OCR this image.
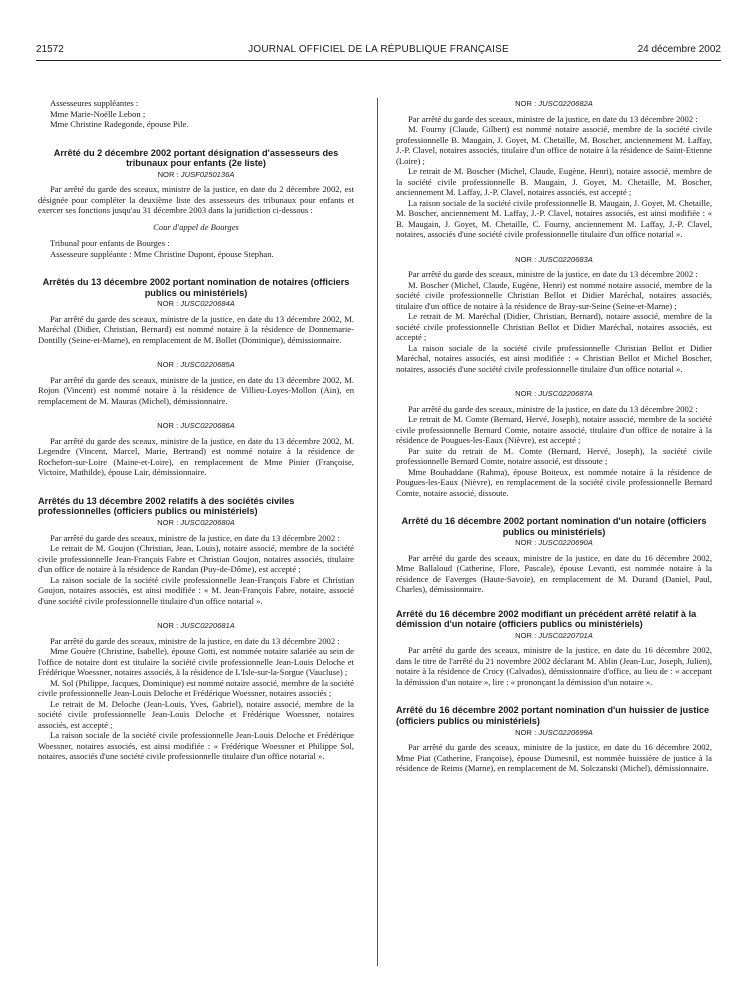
21572	JOURNAL OFFICIEL DE LA RÉPUBLIQUE FRANÇAISE	24 décembre 2002

Assesseures suppléantes :

Mme Marie-Noëlle Lebon ;

Mme Christine Radegonde, épouse Pile.

Arrêté du 2 décembre 2002 portant désignation d'assesseurs des tribunaux pour enfants (2e liste)

NOR : JUSF0250136A

Par arrêté du garde des sceaux, ministre de la justice, en date du 2 décembre 2002, est désignée pour compléter la deuxième liste des assesseurs des tribunaux pour enfants et exercer ses fonctions jusqu'au 31 décembre 2003 dans la juridiction ci-dessous :

Cour d'appel de Bourges

Tribunal pour enfants de Bourges :

Assesseure suppléante : Mme Christine Dupont, épouse Stephan.

Arrêtés du 13 décembre 2002 portant nomination de notaires (officiers publics ou ministériels)

NOR : JUSC0220684A

Par arrêté du garde des sceaux, ministre de la justice, en date du 13 décembre 2002, M. Maréchal (Didier, Christian, Bernard) est nommé notaire à la résidence de Donnemarie-Dontilly (Seine-et-Marne), en remplacement de M. Bollet (Dominique), démissionnaire.

NOR : JUSC0220685A

Par arrêté du garde des sceaux, ministre de la justice, en date du 13 décembre 2002, M. Rojon (Vincent) est nommé notaire à la résidence de Villieu-Loyes-Mollon (Ain), en remplacement de M. Mauras (Michel), démissionnaire.

NOR : JUSC0220686A

Par arrêté du garde des sceaux, ministre de la justice, en date du 13 décembre 2002, M. Legendre (Vincent, Marcel, Marie, Bertrand) est nommé notaire à la résidence de Rochefort-sur-Loire (Maine-et-Loire), en remplacement de Mme Pinier (Françoise, Victoire, Mathilde), épouse Lair, démissionnaire.

Arrêtés du 13 décembre 2002 relatifs à des sociétés civiles professionnelles (officiers publics ou ministériels)

NOR : JUSC0220680A

Par arrêté du garde des sceaux, ministre de la justice, en date du 13 décembre 2002 :

Le retrait de M. Goujon (Christian, Jean, Louis), notaire associé, membre de la société civile professionnelle Jean-François Fabre et Christian Goujon, notaires associés, titulaire d'un office de notaire à la résidence de Randan (Puy-de-Dôme), est accepté ;

La raison sociale de la société civile professionnelle Jean-François Fabre et Christian Goujon, notaires associés, est ainsi modifiée : « M. Jean-François Fabre, notaire, associé d'une société civile professionnelle titulaire d'un office notarial ».

NOR : JUSC0220681A

Par arrêté du garde des sceaux, ministre de la justice, en date du 13 décembre 2002 :

Mme Gouère (Christine, Isabelle), épouse Gotti, est nommée notaire salariée au sein de l'office de notaire dont est titulaire la société civile professionnelle Jean-Louis Deloche et Frédérique Woessner, notaires associés, à la résidence de L'Isle-sur-la-Sorgue (Vaucluse) ;

M. Sol (Philippe, Jacques, Dominique) est nommé notaire associé, membre de la société civile professionnelle Jean-Louis Deloche et Frédérique Woessner, notaires associés ;

Le retrait de M. Deloche (Jean-Louis, Yves, Gabriel), notaire associé, membre de la société civile professionnelle Jean-Louis Deloche et Frédérique Woessner, notaires associés, est accepté ;

La raison sociale de la société civile professionnelle Jean-Louis Deloche et Frédérique Woessner, notaires associés, est ainsi modifiée : « Frédérique Woessner et Philippe Sol, notaires, associés d'une société civile professionnelle titulaire d'un office notarial ».

NOR : JUSC0220682A

Par arrêté du garde des sceaux, ministre de la justice, en date du 13 décembre 2002 :

M. Fourny (Claude, Gilbert) est nommé notaire associé, membre de la société civile professionnelle B. Maugain, J. Goyet, M. Chetaille, M. Boscher, anciennement M. Laffay, J.-P. Clavel, notaires associés, titulaire d'un office de notaire à la résidence de Saint-Etienne (Loire) ;

Le retrait de M. Boscher (Michel, Claude, Eugène, Henri), notaire associé, membre de la société civile professionnelle B. Maugain, J. Goyet, M. Chetaille, M. Boscher, anciennement M. Laffay, J.-P. Clavel, notaires associés, est accepté ;

La raison sociale de la société civile professionnelle B. Maugain, J. Goyet, M. Chetaille, M. Boscher, anciennement M. Laffay, J.-P. Clavel, notaires associés, est ainsi modifiée : « B. Maugain, J. Goyet, M. Chetaille, C. Fourny, anciennement M. Laffay, J.-P. Clavel, notaires, associés d'une société civile professionnelle titulaire d'un office notarial ».

NOR : JUSC0220683A

Par arrêté du garde des sceaux, ministre de la justice, en date du 13 décembre 2002 :

M. Boscher (Michel, Claude, Eugène, Henri) est nommé notaire associé, membre de la société civile professionnelle Christian Bellot et Didier Maréchal, notaires associés, titulaire d'un office de notaire à la résidence de Bray-sur-Seine (Seine-et-Marne) ;

Le retrait de M. Maréchal (Didier, Christian, Bernard), notaire associé, membre de la société civile professionnelle Christian Bellot et Didier Maréchal, notaires associés, est accepté ;

La raison sociale de la société civile professionnelle Christian Bellot et Didier Maréchal, notaires associés, est ainsi modifiée : « Christian Bellot et Michel Boscher, notaires, associés d'une société civile professionnelle titulaire d'un office notarial ».

NOR : JUSC0220687A

Par arrêté du garde des sceaux, ministre de la justice, en date du 13 décembre 2002 :

Le retrait de M. Comte (Bernard, Hervé, Joseph), notaire associé, membre de la société civile professionnelle Bernard Comte, notaire associé, titulaire d'un office de notaire à la résidence de Pougues-les-Eaux (Nièvre), est accepté ;

Par suite du retrait de M. Comte (Bernard, Hervé, Joseph), la société civile professionnelle Bernard Comte, notaire associé, est dissoute ;

Mme Bouhaddane (Rahma), épouse Boiteux, est nommée notaire à la résidence de Pougues-les-Eaux (Nièvre), en remplacement de la société civile professionnelle Bernard Comte, notaire associé, dissoute.

Arrêté du 16 décembre 2002 portant nomination d'un notaire (officiers publics ou ministériels)

NOR : JUSC0220690A

Par arrêté du garde des sceaux, ministre de la justice, en date du 16 décembre 2002, Mme Ballaloud (Catherine, Flore, Pascale), épouse Levanti, est nommée notaire à la résidence de Faverges (Haute-Savoie), en remplacement de M. Durand (Daniel, Paul, Charles), démissionnaire.

Arrêté du 16 décembre 2002 modifiant un précédent arrêté relatif à la démission d'un notaire (officiers publics ou ministériels)

NOR : JUSC0220701A

Par arrêté du garde des sceaux, ministre de la justice, en date du 16 décembre 2002, dans le titre de l'arrêté du 21 novembre 2002 déclarant M. Ablin (Jean-Luc, Joseph, Julien), notaire à la résidence de Crocy (Calvados), démissionnaire d'office, au lieu de : « accepant la démission d'un notaire », lire : « prononçant la démission d'un notaire ».

Arrêté du 16 décembre 2002 portant nomination d'un huissier de justice (officiers publics ou ministériels)

NOR : JUSC0220699A

Par arrêté du garde des sceaux, ministre de la justice, en date du 16 décembre 2002, Mme Piat (Catherine, Françoise), épouse Dumesnil, est nommée huissière de justice à la résidence de Reims (Marne), en remplacement de M. Solczanski (Michel), démissionnaire.
